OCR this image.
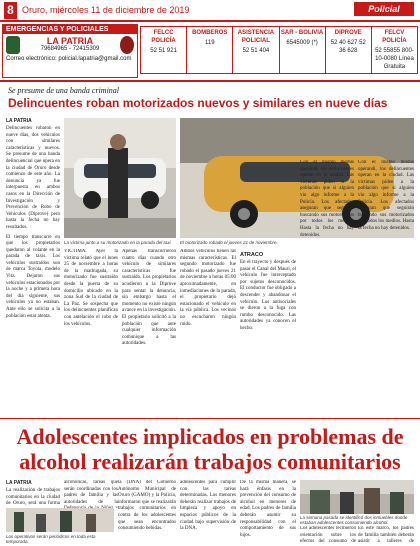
8 Oruro, miércoles 11 de diciembre de 2019	Policial
EMERGENCIAS Y POLICIALES
LA PATRIA
79684965 - 72415309
Correo electrónico: policial.lapatria@gmail.com
FELCC POLICÍA
52 51 921
BOMBEROS
119
ASISTENCIA POLICIAL
52 51 404
SAR - BOLIVIA
6545009 (*)
DIPROVE
52 40 627 52 36 628
FELCV POLICÍA
52 55855 800-10-0080 Línea Gratuita
Se presume de una banda criminal
Delincuentes roban motorizados nuevos y similares en nueve días
LA PATRIA

Delincuentes robaron en nueve días, dos vehículos con similares características y nuevos. Se presume de una banda delincuencial que opera en la ciudad de Oruro desde comienzo de este año. La denuncia ya fue interpuesta en ambos casos en la Dirección de Investigación y Prevención de Robo de Vehículos (Diprove) pero hasta la fecha no hay resultados.

El tiempo transcurre en que los propietarios quedaron al volante en la parada de taxis. Los vehículos sustraídos son de marca Toyota, modelo Vitz. Dejaron sus vehículos estacionados por la noche y a primera hora del día siguiente, sus vehículos ya no estaban. Ante ello se solicita a la población estar atenta.

La víctima junto a su motorizado en la parada del taxi.	El motorizado robado el jueves 21 de noviembre.

VÍCTIMA. Ayer la víctima relató que el lunes 25 de noviembre a horas de la madrugada, su motorizado fue sustraído desde la puerta de su domicilio ubicado en la zona Sud de la ciudad de La Paz. Se sospecha que los delincuentes planifican con antelación el robo de los vehículos.

Apenas transcurrieron cuatro días cuando otro vehículo de similares características fue sustraído. Los propietarios acudieron a la Diprove para sentar la denuncia, sin embargo hasta el momento no existe ningún avance en la investigación. El propietario solicitó a la población que ante cualquier información comunique a las autoridades.

Ambos vehículos tienen las mismas características. El segundo motorizado fue robado el pasado jueves 21 de noviembre a horas 05:00 aproximadamente, en inmediaciones de la parada, el propietario dejó estacionado el vehículo en la vía pública. Los vecinos no escucharon ningún ruido.

ATRACO

En el trayecto y después de pasar el Canal del Mauri, el vehículo fue interceptado por sujetos desconocidos. El conductor fue obligado a descender y abandonar el vehículo. Los antisociales se dieron a la fuga con rumbo desconocido. Las autoridades ya conocen el hecho.

Con el mismo modus operandi, los delincuentes operan en la ciudad. Las víctimas piden a la población que si alguien vio algo informe a la Policía. Los afectados aseguran que seguirán buscando sus motorizados por todos los medios. Hasta la fecha no hay detenidos.

Con el mismo modus operandi, los delincuentes operan en la ciudad. Las víctimas piden a la población que si alguien vio algo informe a la Policía. Los afectados aseguran que seguirán buscando sus motorizados por todos los medios. Hasta la fecha no hay detenidos.

Adolescentes implicados en problemas de alcohol realizarán trabajos comunitarios
LA PATRIA

La realización de trabajos comunitarios en la ciudad de Oruro, será una forma

Los operativos serán periódicos en toda esta temporada.

alcohólicas, tareas que serán coordinadas con los padres de familia y las autoridades de la

la (DNA) del Gobierno Autónomo Municipal de Oruro (GAMO) y la Policía, informaron que se realizarán trabajos comunitarios en contra de los adolescentes que sean encontrados consumiendo bebidas.

adolescentes para cumplir con las tareas determinadas. Los menores deberán realizar trabajos de limpieza y apoyo en espacios públicos de la ciudad bajo supervisión de la DNA.

De la misma manera, se hará énfasis en la prevención del consumo de alcohol en menores de edad. Los padres de familia deberán asumir su responsabilidad con el comportamiento de sus hijos.

La semana pasada se identificó dos inmuebles donde estaban adolescentes consumiendo alcohol.

Los adolescentes recibieron orientación sobre los efectos del consumo de

En este marco, los padres de familia también deberán asistir a talleres de
